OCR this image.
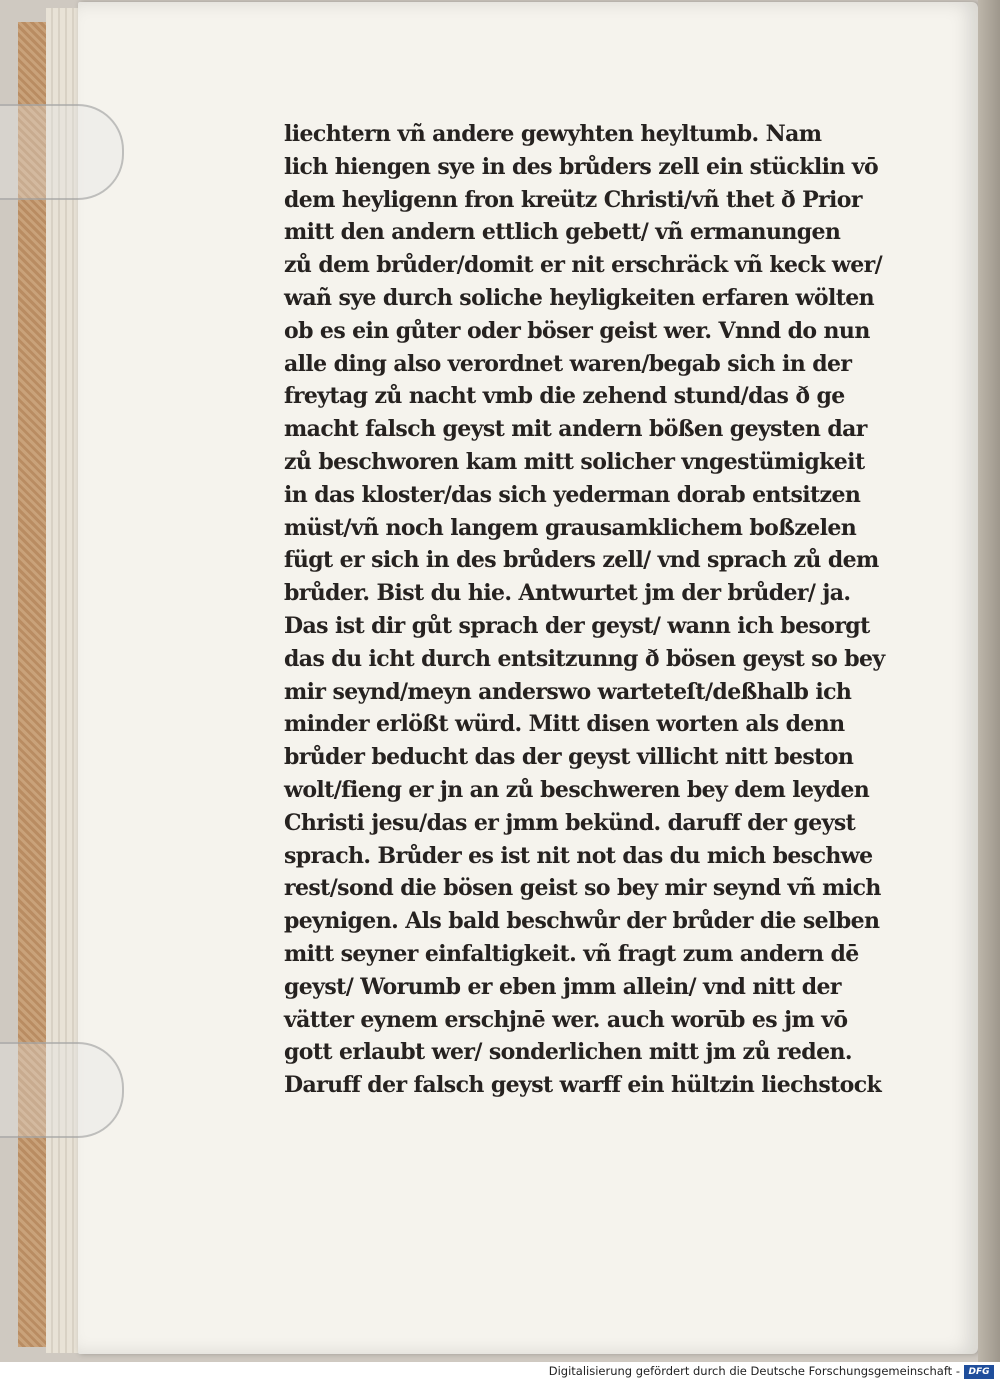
liechtern vñ andere gewyhten heyltumb. Nam
lich hiengen sye in des brůders zell ein stücklin vō
dem heyligenn fron kreütz Christi/vñ thet ð Prior
mitt den andern ettlich gebett/ vñ ermanungen
zů dem brůder/domit er nit erschräck vñ keck wer/
wañ sye durch soliche heyligkeiten erfaren wölten
ob es ein gůter oder böser geist wer. Vnnd do nun
alle ding also verordnet waren/begab sich in der
freytag zů nacht vmb die zehend stund/das ð ge
macht falsch geyst mit andern bößen geysten dar
zů beschworen kam mitt solicher vngestümigkeit
in das kloster/das sich yederman dorab entsitzen
müst/vñ noch langem grausamklichem boßzelen
fügt er sich in des brůders zell/ vnd sprach zů dem
brůder. Bist du hie. Antwurtet jm der brůder/ ja.
Das ist dir gůt sprach der geyst/ wann ich besorgt
das du icht durch entsitzunng ð bösen geyst so bey
mir seynd/meyn anderswo warteteſt/deßhalb ich
minder erlößt würd. Mitt disen worten als denn
brůder beducht das der geyst villicht nitt beston
wolt/fieng er jn an zů beschweren bey dem leyden
Christi jesu/das er jmm bekünd. daruff der geyst
sprach. Brůder es ist nit not das du mich beschwe
rest/sond die bösen geist so bey mir seynd vñ mich
peynigen. Als bald beschwůr der brůder die selben
mitt seyner einfaltigkeit. vñ fragt zum andern dē
geyst/ Worumb er eben jmm allein/ vnd nitt der
vätter eynem erschjnē wer. auch worūb es jm vō
gott erlaubt wer/ sonderlichen mitt jm zů reden.
Daruff der falsch geyst warff ein hültzin liechstock
Digitalisierung gefördert durch die Deutsche Forschungsgemeinschaft - DFG
